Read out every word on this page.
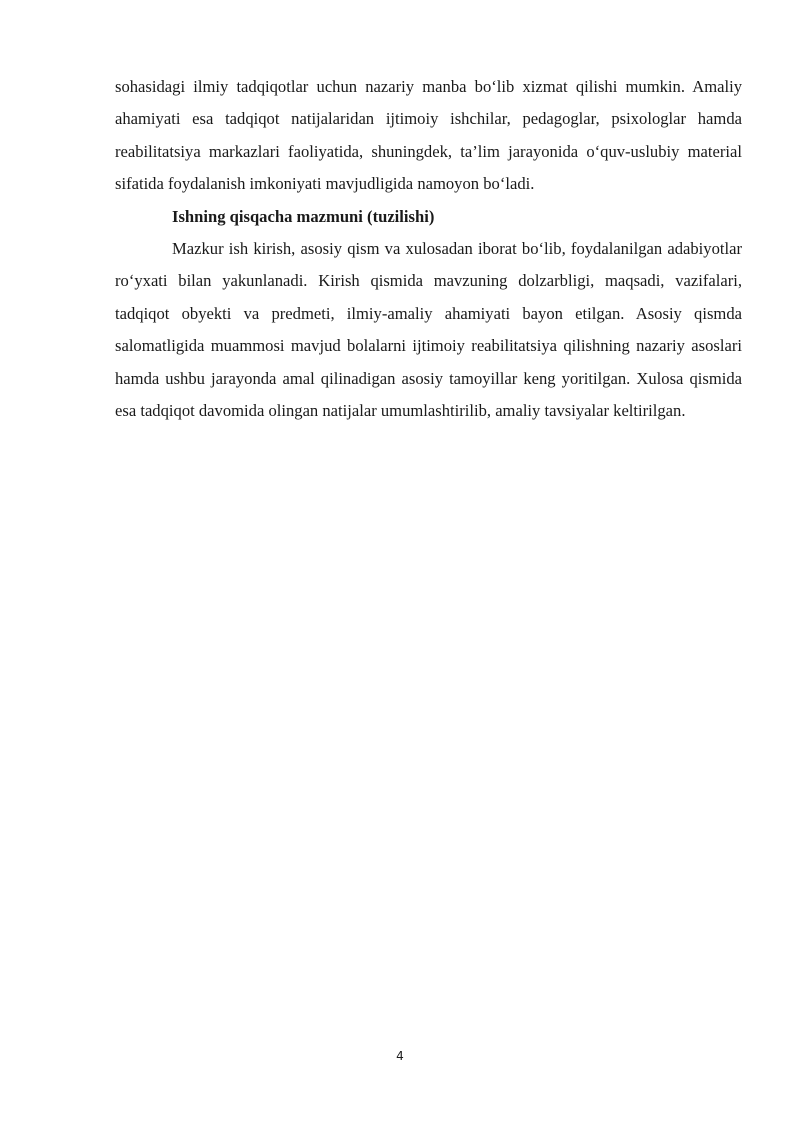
sohasidagi ilmiy tadqiqotlar uchun nazariy manba bo‘lib xizmat qilishi mumkin. Amaliy ahamiyati esa tadqiqot natijalaridan ijtimoiy ishchilar, pedagoglar, psixologlar hamda reabilitatsiya markazlari faoliyatida, shuningdek, ta’lim jarayonida o‘quv-uslubiy material sifatida foydalanish imkoniyati mavjudligida namoyon bo‘ladi.

Ishning qisqacha mazmuni (tuzilishi)

Mazkur ish kirish, asosiy qism va xulosadan iborat bo‘lib, foydalanilgan adabiyotlar ro‘yxati bilan yakunlanadi. Kirish qismida mavzuning dolzarbligi, maqsadi, vazifalari, tadqiqot obyekti va predmeti, ilmiy-amaliy ahamiyati bayon etilgan. Asosiy qismda salomatligida muammosi mavjud bolalarni ijtimoiy reabilitatsiya qilishning nazariy asoslari hamda ushbu jarayonda amal qilinadigan asosiy tamoyillar keng yoritilgan. Xulosa qismida esa tadqiqot davomida olingan natijalar umumlashtirilib, amaliy tavsiyalar keltirilgan.

4
